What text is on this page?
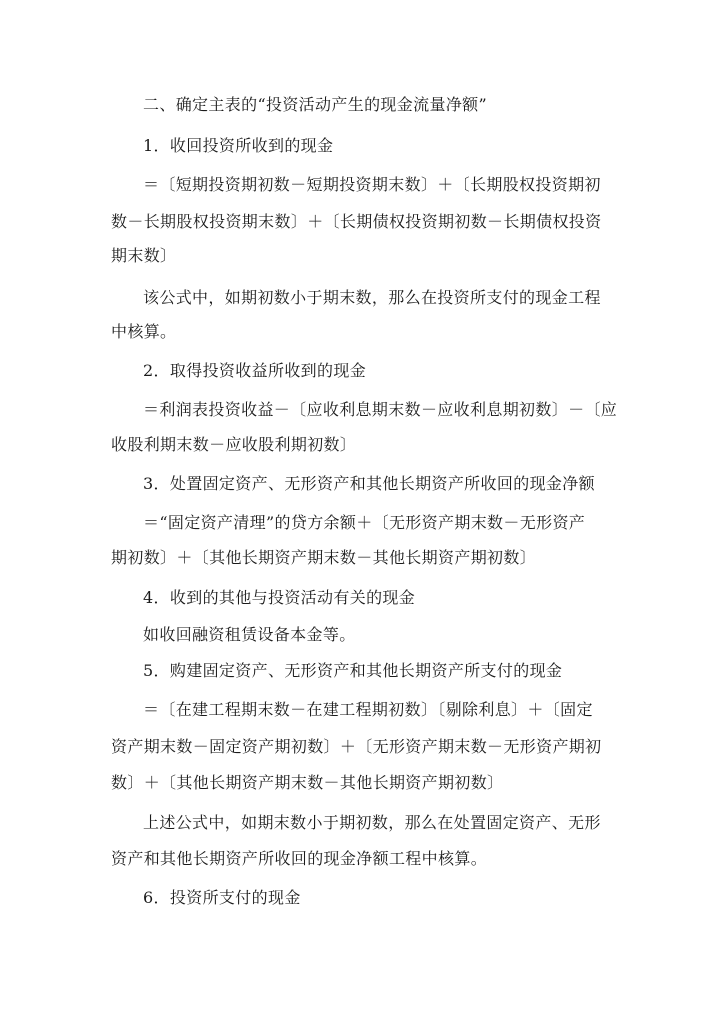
二、确定主表的“投资活动产生的现金流量净额”
1．收回投资所收到的现金
＝〔短期投资期初数－短期投资期末数〕＋〔长期股权投资期初
数－长期股权投资期末数〕＋〔长期债权投资期初数－长期债权投资
期末数〕
该公式中，如期初数小于期末数，那么在投资所支付的现金工程
中核算。
2．取得投资收益所收到的现金
＝利润表投资收益－〔应收利息期末数－应收利息期初数〕－〔应
收股利期末数－应收股利期初数〕
3．处置固定资产、无形资产和其他长期资产所收回的现金净额
＝“固定资产清理”的贷方余额＋〔无形资产期末数－无形资产
期初数〕＋〔其他长期资产期末数－其他长期资产期初数〕
4．收到的其他与投资活动有关的现金
如收回融资租赁设备本金等。
5．购建固定资产、无形资产和其他长期资产所支付的现金
＝〔在建工程期末数－在建工程期初数〕〔剔除利息〕＋〔固定
资产期末数－固定资产期初数〕＋〔无形资产期末数－无形资产期初
数〕＋〔其他长期资产期末数－其他长期资产期初数〕
上述公式中，如期末数小于期初数，那么在处置固定资产、无形
资产和其他长期资产所收回的现金净额工程中核算。
6．投资所支付的现金
